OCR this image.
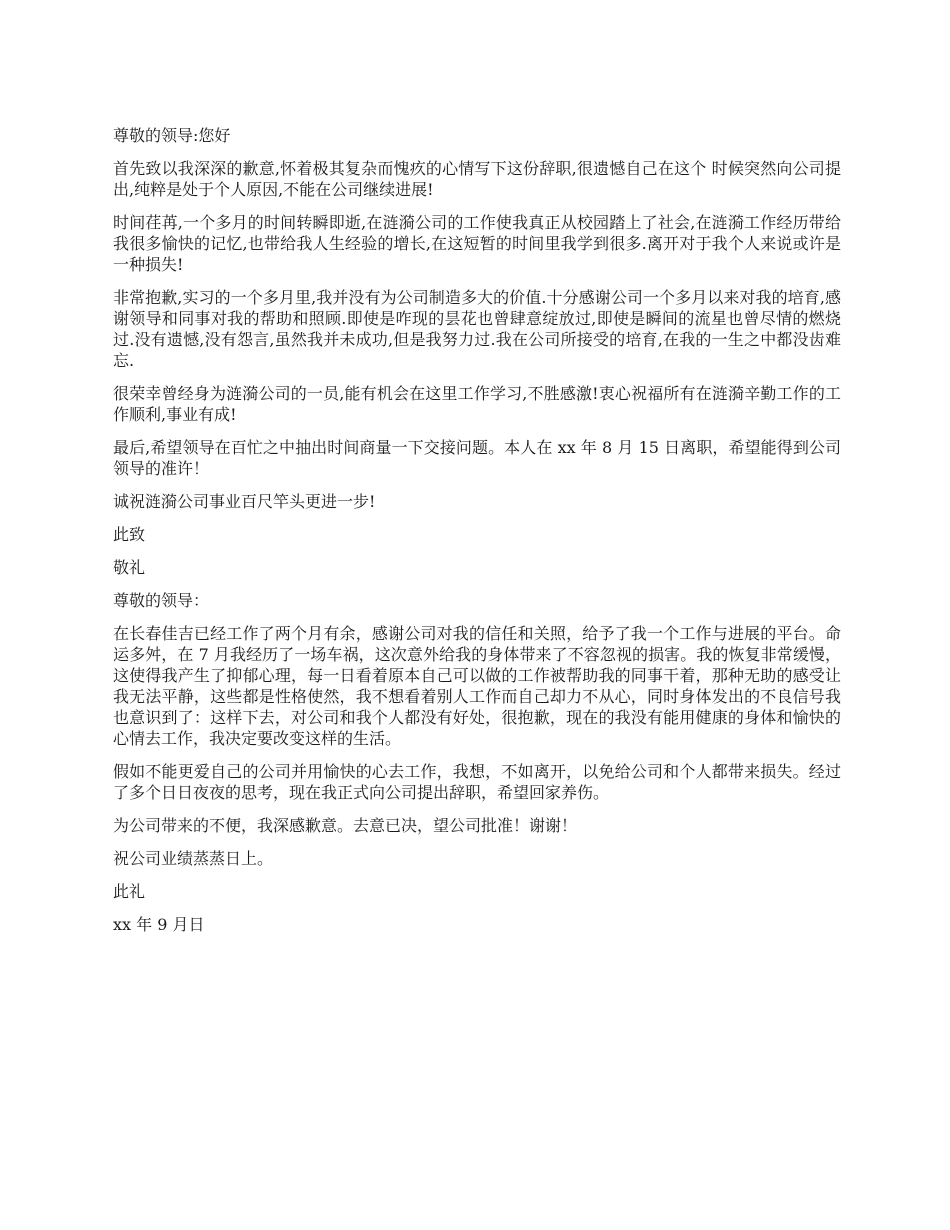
尊敬的领导:您好

首先致以我深深的歉意,怀着极其复杂而愧疚的心情写下这份辞职,很遗憾自己在这个 时候突然向公司提出,纯粹是处于个人原因,不能在公司继续进展!

时间荏苒,一个多月的时间转瞬即逝,在涟漪公司的工作使我真正从校园踏上了社会,在涟漪工作经历带给我很多愉快的记忆,也带给我人生经验的增长,在这短暂的时间里我学到很多.离开对于我个人来说或许是一种损失!

非常抱歉,实习的一个多月里,我并没有为公司制造多大的价值.十分感谢公司一个多月以来对我的培育,感谢领导和同事对我的帮助和照顾.即使是咋现的昙花也曾肆意绽放过,即使是瞬间的流星也曾尽情的燃烧过.没有遗憾,没有怨言,虽然我并未成功,但是我努力过.我在公司所接受的培育,在我的一生之中都没齿难忘.

很荣幸曾经身为涟漪公司的一员,能有机会在这里工作学习,不胜感激!衷心祝福所有在涟漪辛勤工作的工作顺利,事业有成!

最后,希望领导在百忙之中抽出时间商量一下交接问题。本人在 xx 年 8 月 15 日离职，希望能得到公司领导的准许！

诚祝涟漪公司事业百尺竿头更进一步!

此致

敬礼

尊敬的领导：

在长春佳吉已经工作了两个月有余，感谢公司对我的信任和关照，给予了我一个工作与进展的平台。命运多舛，在 7 月我经历了一场车祸，这次意外给我的身体带来了不容忽视的损害。我的恢复非常缓慢，这使得我产生了抑郁心理，每一日看着原本自己可以做的工作被帮助我的同事干着，那种无助的感受让我无法平静，这些都是性格使然，我不想看着别人工作而自己却力不从心，同时身体发出的不良信号我也意识到了：这样下去，对公司和我个人都没有好处，很抱歉，现在的我没有能用健康的身体和愉快的心情去工作，我决定要改变这样的生活。

假如不能更爱自己的公司并用愉快的心去工作，我想，不如离开，以免给公司和个人都带来损失。经过了多个日日夜夜的思考，现在我正式向公司提出辞职，希望回家养伤。

为公司带来的不便，我深感歉意。去意已决，望公司批准！谢谢！

祝公司业绩蒸蒸日上。

此礼

xx 年 9 月日
